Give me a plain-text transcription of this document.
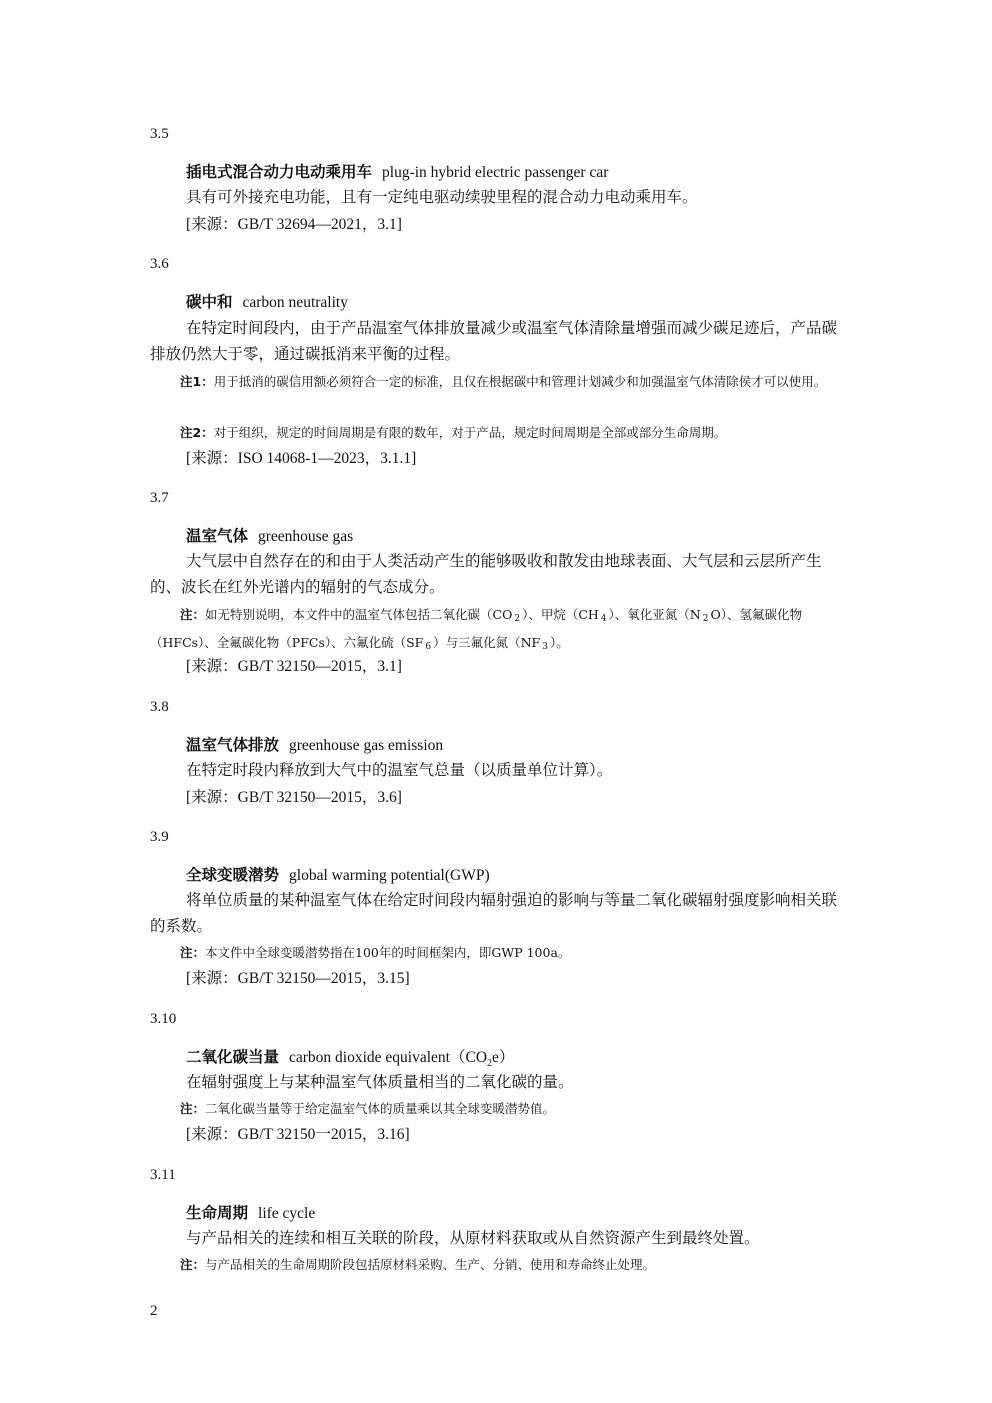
3.5
插电式混合动力电动乘用车 plug-in hybrid electric passenger car
具有可外接充电功能，且有一定纯电驱动续驶里程的混合动力电动乘用车。
[来源：GB/T 32694—2021，3.1]
3.6
碳中和 carbon neutrality
在特定时间段内，由于产品温室气体排放量减少或温室气体清除量增强而减少碳足迹后，产品碳排放仍然大于零，通过碳抵消来平衡的过程。
注1：用于抵消的碳信用额必须符合一定的标准，且仅在根据碳中和管理计划减少和加强温室气体清除侯才可以使用。
注2：对于组织，规定的时间周期是有限的数年，对于产品，规定时间周期是全部或部分生命周期。
[来源：ISO 14068-1—2023，3.1.1]
3.7
温室气体 greenhouse gas
大气层中自然存在的和由于人类活动产生的能够吸收和散发由地球表面、大气层和云层所产生的、波长在红外光谱内的辐射的气态成分。
注：如无特别说明，本文件中的温室气体包括二氧化碳（CO $_2$ ）、甲烷（CH $_4$ ）、氧化亚氮（N $_2$ O）、氢氟碳化物（HFCs）、全氟碳化物（PFCs）、六氟化硫（SF $_6$ ）与三氟化氮（NF $_3$ ）。
[来源：GB/T 32150—2015，3.1]
3.8
温室气体排放 greenhouse gas emission
在特定时段内释放到大气中的温室气总量（以质量单位计算）。
[来源：GB/T 32150—2015，3.6]
3.9
全球变暖潜势 global warming potential(GWP)
将单位质量的某种温室气体在给定时间段内辐射强迫的影响与等量二氧化碳辐射强度影响相关联的系数。
注：本文件中全球变暖潜势指在100年的时间框架内，即GWP 100a。
[来源：GB/T 32150—2015，3.15]
3.10
二氧化碳当量 carbon dioxide $equivalent(CO_2e)$
在辐射强度上与某种温室气体质量相当的二氧化碳的量。
注：二氧化碳当量等于给定温室气体的质量乘以其全球变暖潜势值。
[来源：GB/T 32150一2015，3.16]
3.11
生命周期 life cycle
与产品相关的连续和相互关联的阶段，从原材料获取或从自然资源产生到最终处置。
注：与产品相关的生命周期阶段包括原材料采购、生产、分销、使用和寿命终止处理。
2
